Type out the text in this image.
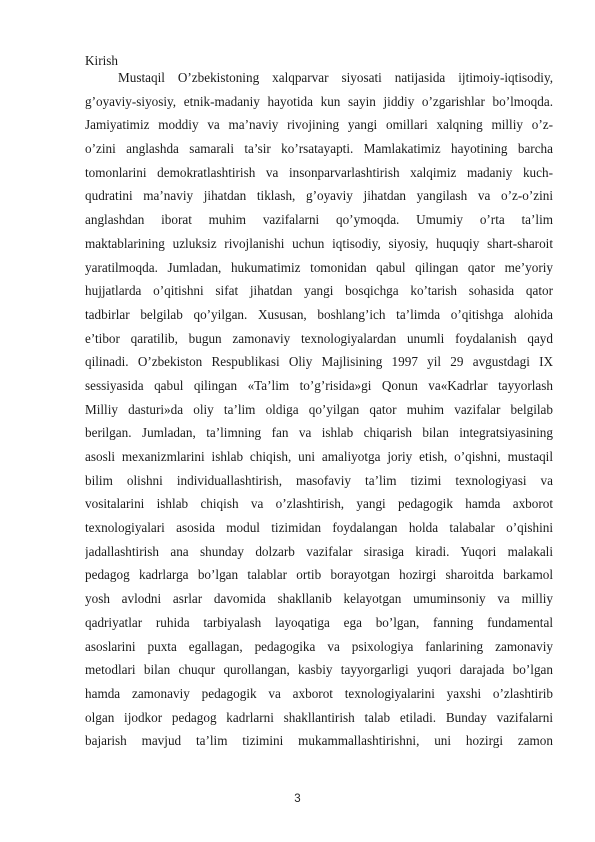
Kirish
Mustaqil O’zbekistoning xalqparvar siyosati natijasida ijtimoiy-iqtisodiy,
g’oyaviy-siyosiy, etnik-madaniy hayotida kun sayin jiddiy o’zgarishlar bo’lmoqda.
Jamiyatimiz moddiy va ma’naviy rivojining yangi omillari xalqning milliy o’z-
o’zini anglashda samarali ta’sir ko’rsatayapti. Mamlakatimiz hayotining barcha
tomonlarini demokratlashtirish va insonparvarlashtirish xalqimiz madaniy kuch-
qudratini ma’naviy jihatdan tiklash, g’oyaviy jihatdan yangilash va o’z-o’zini
anglashdan iborat muhim vazifalarni qo’ymoqda. Umumiy o’rta ta’lim
maktablarining uzluksiz rivojlanishi uchun iqtisodiy, siyosiy, huquqiy shart-sharoit
yaratilmoqda. Jumladan, hukumatimiz tomonidan qabul qilingan qator me’yoriy
hujjatlarda o’qitishni sifat jihatdan yangi bosqichga ko’tarish sohasida qator
tadbirlar belgilab qo’yilgan. Xususan, boshlang’ich ta’limda o’qitishga alohida
e’tibor qaratilib, bugun zamonaviy texnologiyalardan unumli foydalanish qayd
qilinadi. O’zbekiston Respublikasi Oliy Majlisining 1997 yil 29 avgustdagi IX
sessiyasida qabul qilingan «Ta’lim to’g’risida»gi Qonun va«Kadrlar tayyorlash
Milliy dasturi»da oliy ta’lim oldiga qo’yilgan qator muhim vazifalar belgilab
berilgan. Jumladan, ta’limning fan va ishlab chiqarish bilan integratsiyasining
asosli mexanizmlarini ishlab chiqish, uni amaliyotga joriy etish, o’qishni, mustaqil
bilim olishni individuallashtirish, masofaviy ta’lim tizimi texnologiyasi va
vositalarini ishlab chiqish va o’zlashtirish, yangi pedagogik hamda axborot
texnologiyalari asosida modul tizimidan foydalangan holda talabalar o’qishini
jadallashtirish ana shunday dolzarb vazifalar sirasiga kiradi. Yuqori malakali
pedagog kadrlarga bo’lgan talablar ortib borayotgan hozirgi sharoitda barkamol
yosh avlodni asrlar davomida shakllanib kelayotgan umuminsoniy va milliy
qadriyatlar ruhida tarbiyalash layoqatiga ega bo’lgan, fanning fundamental
asoslarini puxta egallagan, pedagogika va psixologiya fanlarining zamonaviy
metodlari bilan chuqur qurollangan, kasbiy tayyorgarligi yuqori darajada bo’lgan
hamda zamonaviy pedagogik va axborot texnologiyalarini yaxshi o’zlashtirib
olgan ijodkor pedagog kadrlarni shakllantirish talab etiladi. Bunday vazifalarni
bajarish mavjud ta’lim tizimini mukammallashtirishni, uni hozirgi zamon
3
